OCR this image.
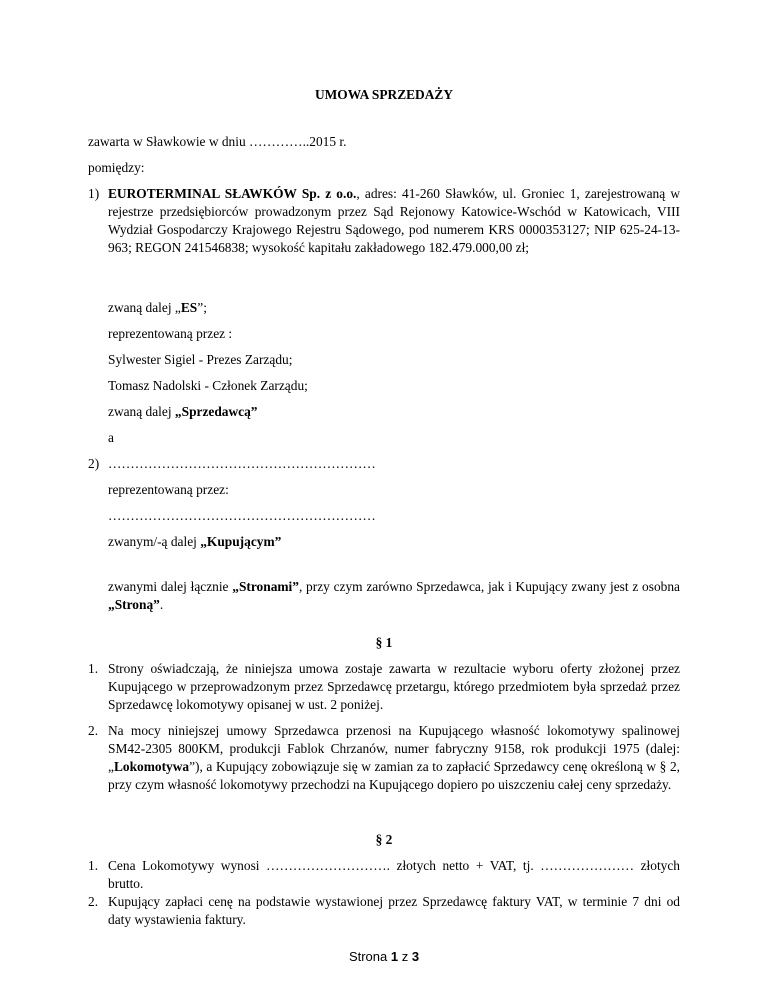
UMOWA SPRZEDAŻY
zawarta w Sławkowie w dniu …………..2015 r.
pomiędzy:
1) EUROTERMINAL SŁAWKÓW Sp. z o.o., adres: 41-260 Sławków, ul. Groniec 1, zarejestrowaną w rejestrze przedsiębiorców prowadzonym przez Sąd Rejonowy Katowice-Wschód w Katowicach, VIII Wydział Gospodarczy Krajowego Rejestru Sądowego, pod numerem KRS 0000353127; NIP 625-24-13-963; REGON 241546838; wysokość kapitału zakładowego 182.479.000,00 zł;
zwaną dalej „ES”;
reprezentowaną przez :
Sylwester Sigiel - Prezes Zarządu;
Tomasz Nadolski - Członek Zarządu;
zwaną dalej „Sprzedawcą”
a
2) ……………………………………………………
reprezentowaną przez:
……………………………………………………
zwanym/-ą dalej „Kupującym”
zwanymi dalej łącznie „Stronami”, przy czym zarówno Sprzedawca, jak i Kupujący zwany jest z osobna „Stroną”.
§ 1
1. Strony oświadczają, że niniejsza umowa zostaje zawarta w rezultacie wyboru oferty złożonej przez Kupującego w przeprowadzonym przez Sprzedawcę przetargu, którego przedmiotem była sprzedaż przez Sprzedawcę lokomotywy opisanej w ust. 2 poniżej.
2. Na mocy niniejszej umowy Sprzedawca przenosi na Kupującego własność lokomotywy spalinowej SM42-2305 800KM, produkcji Fablok Chrzanów, numer fabryczny 9158, rok produkcji 1975 (dalej: „Lokomotywa”), a Kupujący zobowiązuje się w zamian za to zapłacić Sprzedawcy cenę określoną w § 2, przy czym własność lokomotywy przechodzi na Kupującego dopiero po uiszczeniu całej ceny sprzedaży.
§ 2
1. Cena Lokomotywy wynosi ………………………. złotych netto + VAT, tj. ………………… złotych brutto.
2. Kupujący zapłaci cenę na podstawie wystawionej przez Sprzedawcę faktury VAT, w terminie 7 dni od daty wystawienia faktury.
Strona 1 z 3
